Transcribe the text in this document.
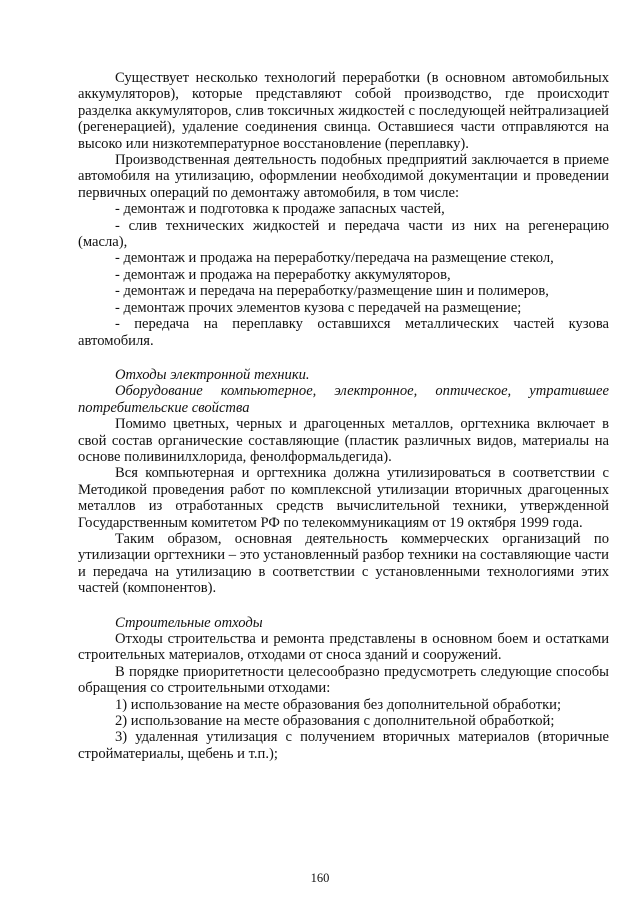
Существует несколько технологий переработки (в основном автомобильных аккумуляторов), которые представляют собой производство, где происходит разделка аккумуляторов, слив токсичных жидкостей с последующей нейтрализацией (регенерацией), удаление соединения свинца. Оставшиеся части отправляются на высоко или низкотемпературное восстановление (переплавку).

Производственная деятельность подобных предприятий заключается в приеме автомобиля на утилизацию, оформлении необходимой документации и проведении первичных операций по демонтажу автомобиля, в том числе:

- демонтаж и подготовка к продаже запасных частей,

- слив технических жидкостей и передача части из них на регенерацию (масла),

- демонтаж и продажа на переработку/передача на размещение стекол,

- демонтаж и продажа на переработку аккумуляторов,

- демонтаж и передача на переработку/размещение шин и полимеров,

- демонтаж прочих элементов кузова с передачей на размещение;

- передача на переплавку оставшихся металлических частей кузова автомобиля.

Отходы электронной техники.

Оборудование компьютерное, электронное, оптическое, утратившее потребительские свойства

Помимо цветных, черных и драгоценных металлов, оргтехника включает в свой состав органические составляющие (пластик различных видов, материалы на основе поливинилхлорида, фенолформальдегида).

Вся компьютерная и оргтехника должна утилизироваться в соответствии с Методикой проведения работ по комплексной утилизации вторичных драгоценных металлов из отработанных средств вычислительной техники, утвержденной Государственным комитетом РФ по телекоммуникациям от 19 октября 1999 года.

Таким образом, основная деятельность коммерческих организаций по утилизации оргтехники – это установленный разбор техники на составляющие части и передача на утилизацию в соответствии с установленными технологиями этих частей (компонентов).

Строительные отходы

Отходы строительства и ремонта представлены в основном боем и остатками строительных материалов, отходами от сноса зданий и сооружений.

В порядке приоритетности целесообразно предусмотреть следующие способы обращения со строительными отходами:

1) использование на месте образования без дополнительной обработки;

2) использование на месте образования с дополнительной обработкой;

3) удаленная утилизация с получением вторичных материалов (вторичные стройматериалы, щебень и т.п.);

160
